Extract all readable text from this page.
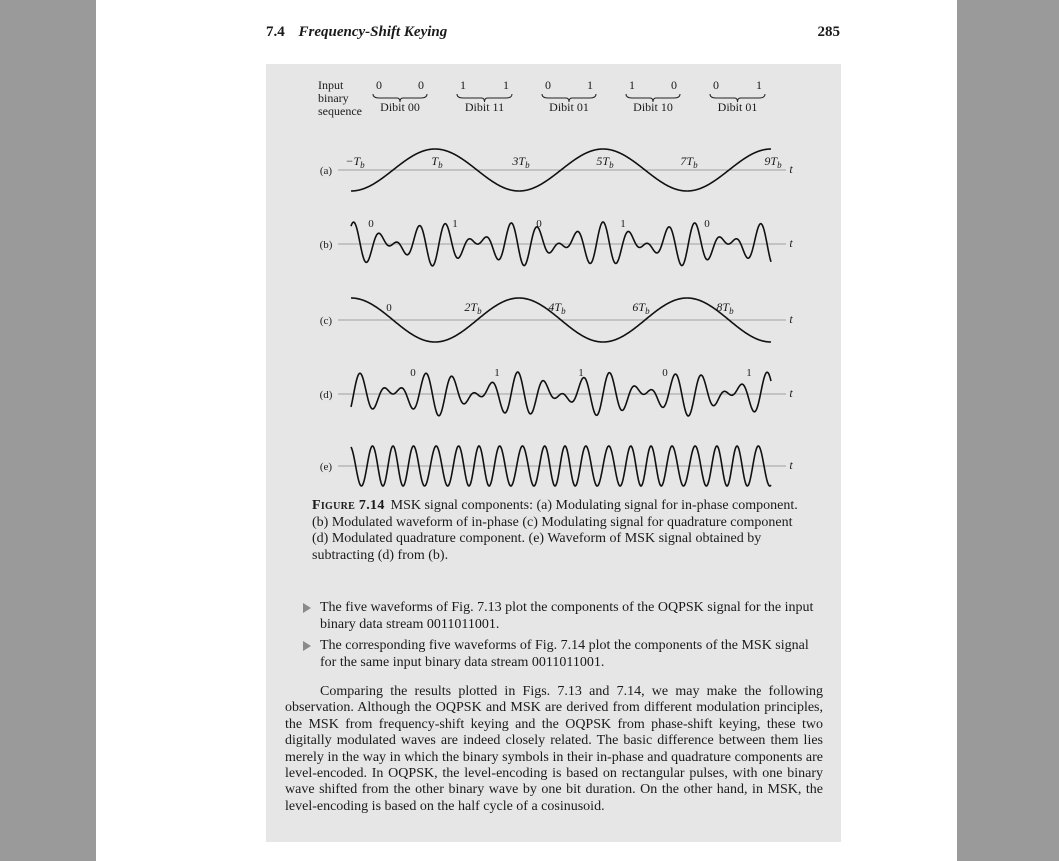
7.4 Frequency-Shift Keying	285
Input
binary
sequence
0	0	1	1	0	1	1	0	0	1
Dibit 00	Dibit 11	Dibit 01	Dibit 10	Dibit 01
(a)	t
$-T_b$	$T_b$	$3T_b$	$5T_b$	$7T_b$	$9T_b$
(b)	t
0	1	0	1	0
(c)	t
0	$2T_b$	$4T_b$	$6T_b$	$8T_b$
(d)	t
0	1	1	0	1
(e)	t
Figure 7.14 MSK signal components: (a) Modulating signal for in-phase component. (b) Modulated waveform of in-phase (c) Modulating signal for quadrature component (d) Modulated quadrature component. (e) Waveform of MSK signal obtained by subtracting (d) from (b).
The five waveforms of Fig. 7.13 plot the components of the OQPSK signal for the input binary data stream 0011011001.
The corresponding five waveforms of Fig. 7.14 plot the components of the MSK signal for the same input binary data stream 0011011001.
Comparing the results plotted in Figs. 7.13 and 7.14, we may make the following observation. Although the OQPSK and MSK are derived from different modulation principles, the MSK from frequency-shift keying and the OQPSK from phase-shift keying, these two digitally modulated waves are indeed closely related. The basic difference between them lies merely in the way in which the binary symbols in their in-phase and quadrature components are level-encoded. In OQPSK, the level-encoding is based on rectangular pulses, with one binary wave shifted from the other binary wave by one bit duration. On the other hand, in MSK, the level-encoding is based on the half cycle of a cosinusoid.
